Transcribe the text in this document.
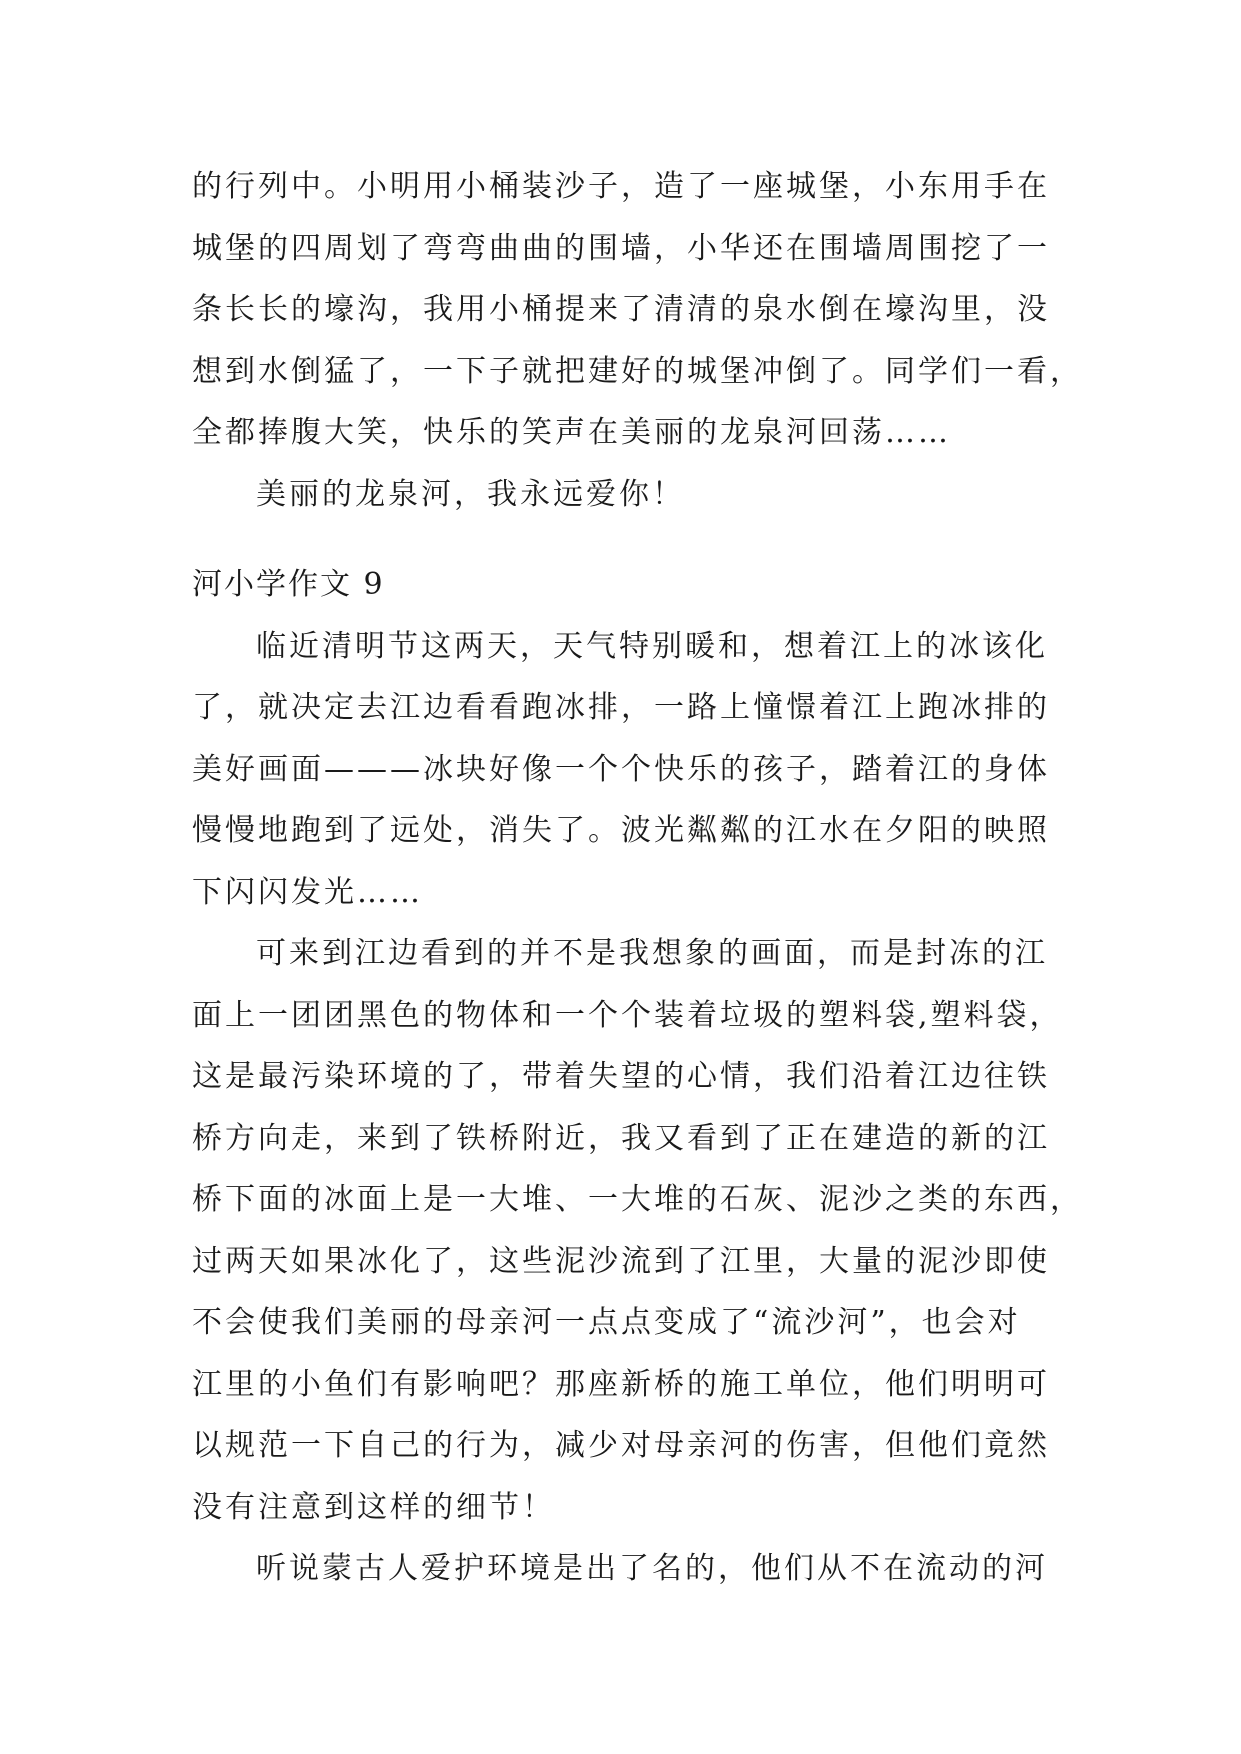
的行列中。小明用小桶装沙子，造了一座城堡，小东用手在
城堡的四周划了弯弯曲曲的围墙，小华还在围墙周围挖了一
条长长的壕沟，我用小桶提来了清清的泉水倒在壕沟里，没
想到水倒猛了，一下子就把建好的城堡冲倒了。同学们一看，
全都捧腹大笑，快乐的笑声在美丽的龙泉河回荡……
美丽的龙泉河，我永远爱你！
河小学作文 9
临近清明节这两天，天气特别暖和，想着江上的冰该化
了，就决定去江边看看跑冰排，一路上憧憬着江上跑冰排的
美好画面———冰块好像一个个快乐的孩子，踏着江的身体
慢慢地跑到了远处，消失了。波光粼粼的江水在夕阳的映照
下闪闪发光……
可来到江边看到的并不是我想象的画面，而是封冻的江
面上一团团黑色的物体和一个个装着垃圾的塑料袋,塑料袋，
这是最污染环境的了，带着失望的心情，我们沿着江边往铁
桥方向走，来到了铁桥附近，我又看到了正在建造的新的江
桥下面的冰面上是一大堆、一大堆的石灰、泥沙之类的东西，
过两天如果冰化了，这些泥沙流到了江里，大量的泥沙即使
不会使我们美丽的母亲河一点点变成了“流沙河”，也会对
江里的小鱼们有影响吧？那座新桥的施工单位，他们明明可
以规范一下自己的行为，减少对母亲河的伤害，但他们竟然
没有注意到这样的细节！
听说蒙古人爱护环境是出了名的，他们从不在流动的河
